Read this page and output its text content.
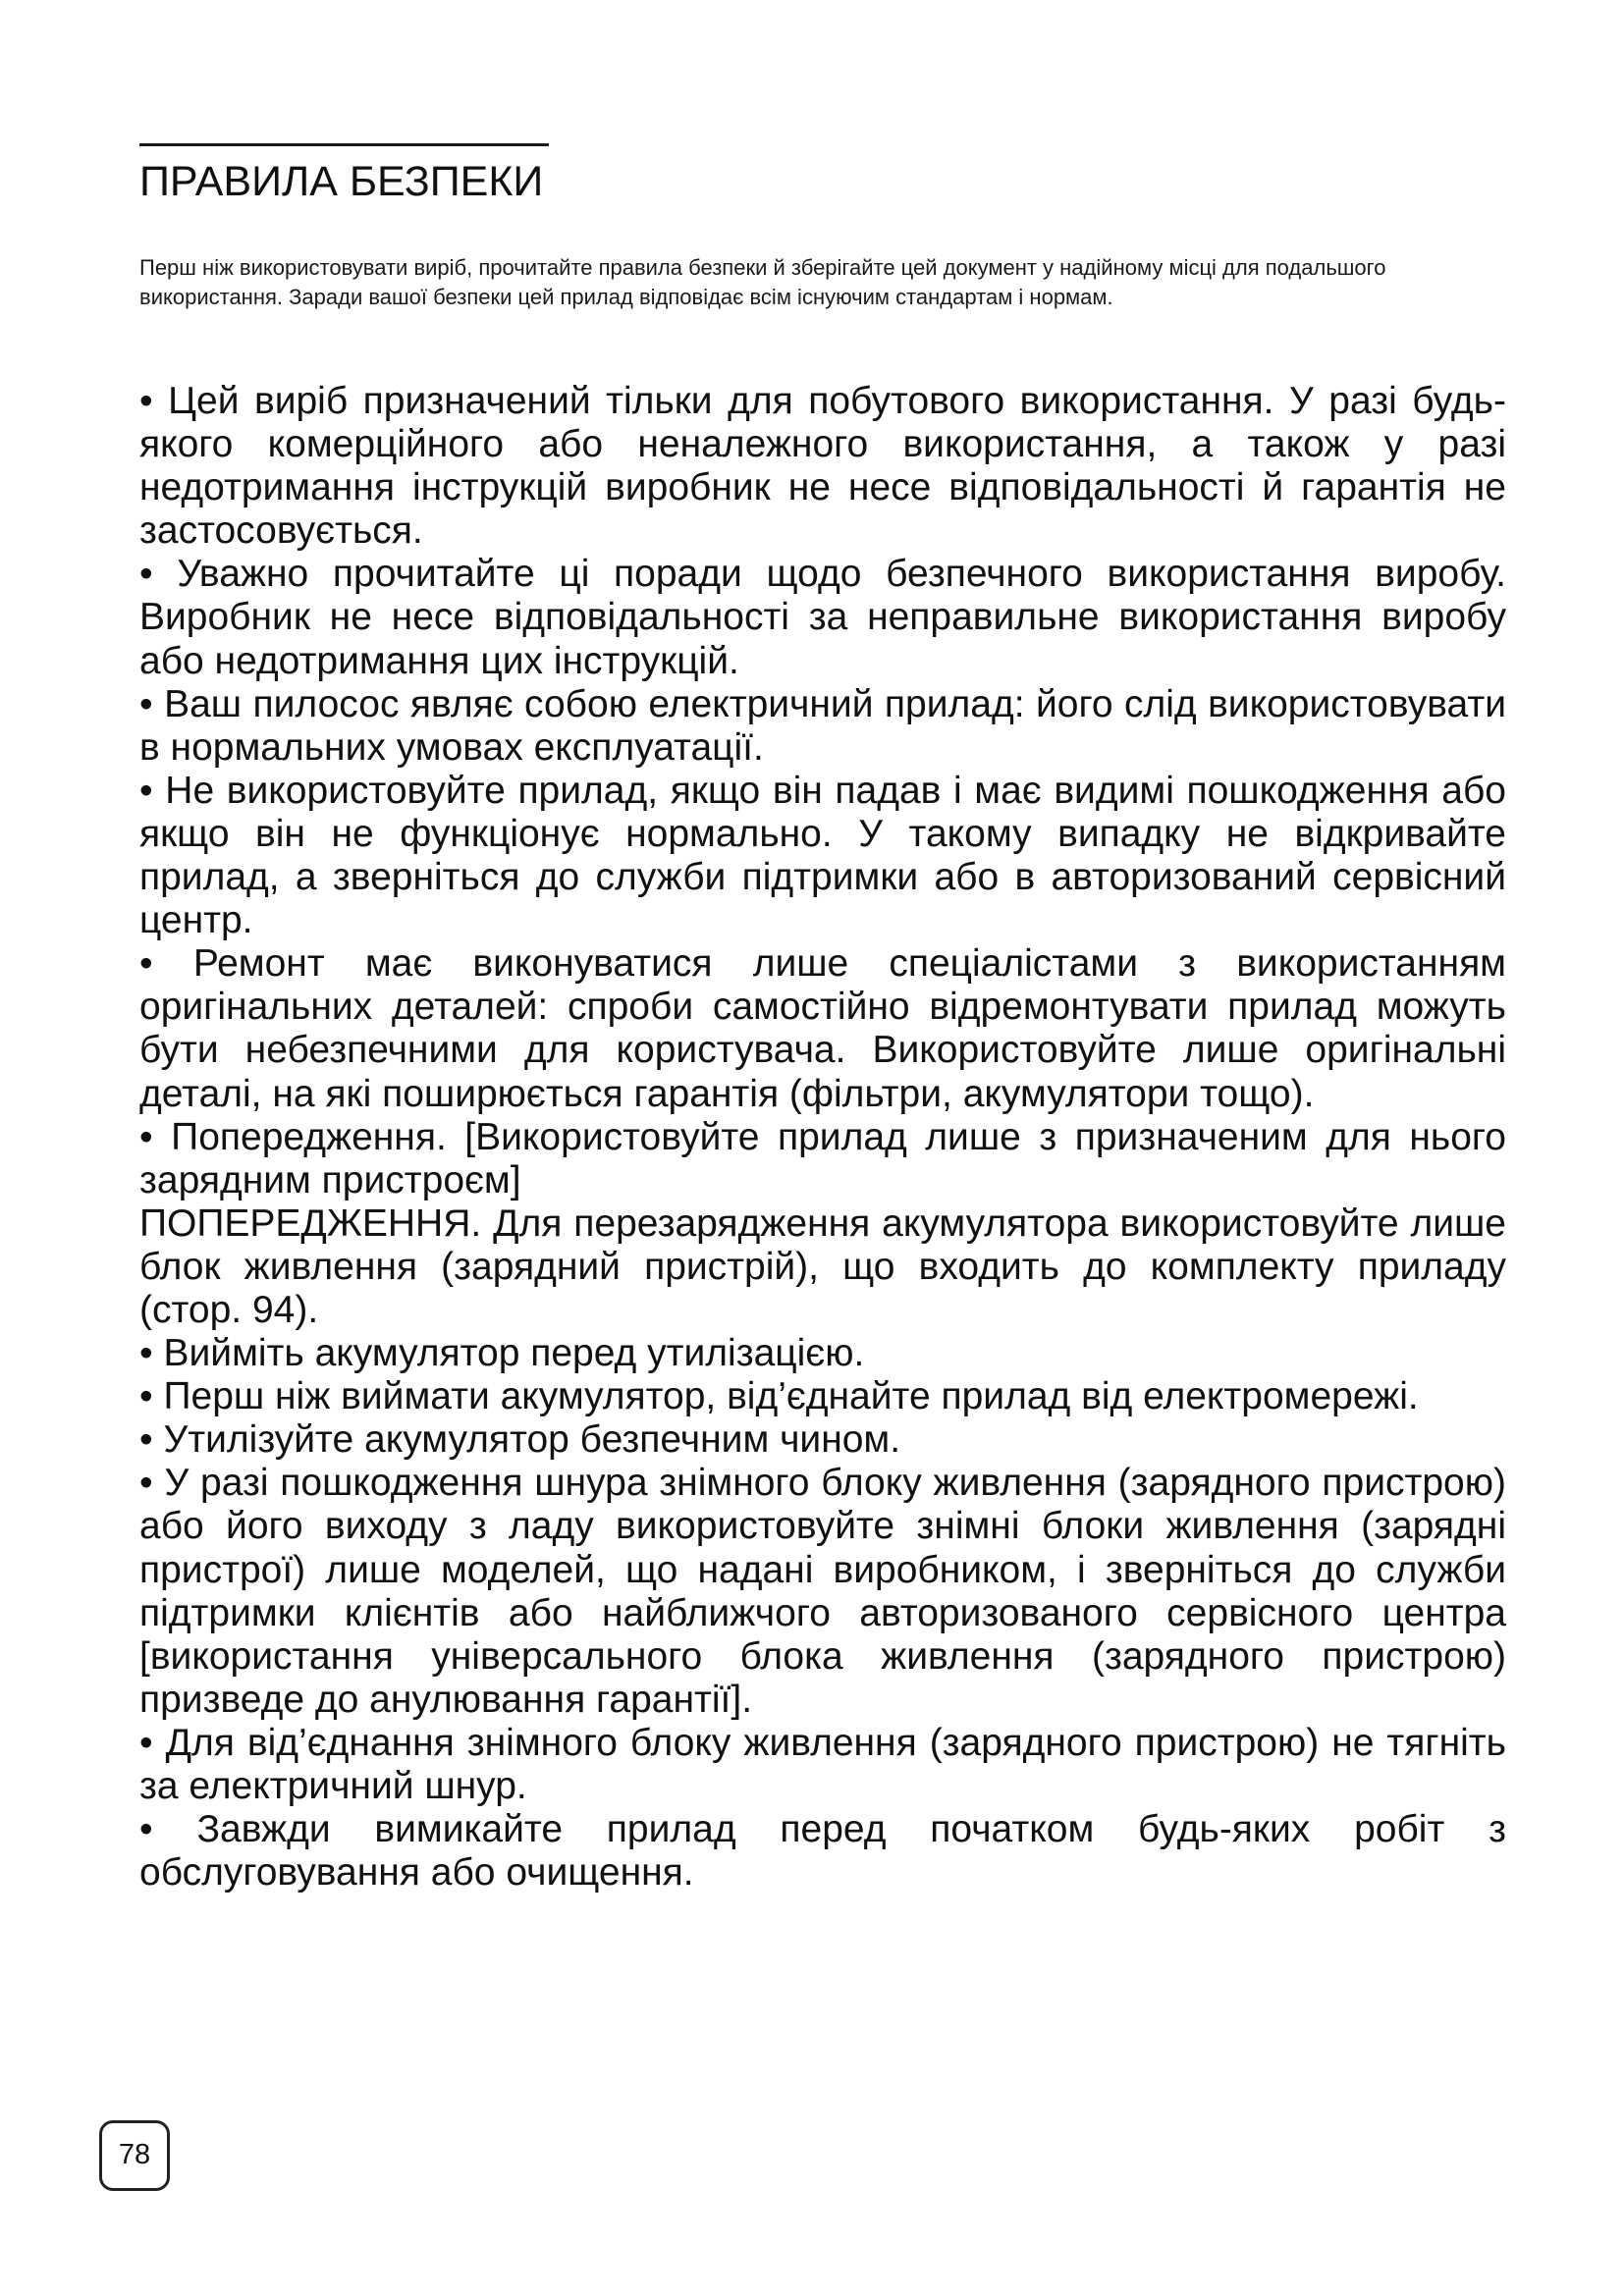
ПРАВИЛА БЕЗПЕКИ

Перш ніж використовувати виріб, прочитайте правила безпеки й зберігайте цей документ у надійному місці для подальшого використання. Заради вашої безпеки цей прилад відповідає всім існуючим стандартам і нормам.

• Цей виріб призначений тільки для побутового використання. У разі будь-якого комерційного або неналежного використання, а також у разі недотримання інструкцій виробник не несе відповідальності й гарантія не застосовується.

• Уважно прочитайте ці поради щодо безпечного використання виробу. Виробник не несе відповідальності за неправильне використання виробу або недотримання цих інструкцій.

• Ваш пилосос являє собою електричний прилад: його слід використовувати в нормальних умовах експлуатації.

• Не використовуйте прилад, якщо він падав і має видимі пошкодження або якщо він не функціонує нормально. У такому випадку не відкривайте прилад, а зверніться до служби підтримки або в авторизований сервісний центр.

• Ремонт має виконуватися лише спеціалістами з використанням оригінальних деталей: спроби самостійно відремонтувати прилад можуть бути небезпечними для користувача. Використовуйте лише оригінальні деталі, на які поширюється гарантія (фільтри, акумулятори тощо).

• Попередження. [Використовуйте прилад лише з призначеним для нього зарядним пристроєм]

ПОПЕРЕДЖЕННЯ. Для перезарядження акумулятора використовуйте лише блок живлення (зарядний пристрій), що входить до комплекту приладу (стор. 94).

• Вийміть акумулятор перед утилізацією.

• Перш ніж виймати акумулятор, від’єднайте прилад від електромережі.

• Утилізуйте акумулятор безпечним чином.

• У разі пошкодження шнура знімного блоку живлення (зарядного пристрою) або його виходу з ладу використовуйте знімні блоки живлення (зарядні пристрої) лише моделей, що надані виробником, і зверніться до служби підтримки клієнтів або найближчого авторизованого сервісного центра [використання універсального блока живлення (зарядного пристрою) призведе до анулювання гарантії].

• Для від’єднання знімного блоку живлення (зарядного пристрою) не тягніть за електричний шнур.

• Завжди вимикайте прилад перед початком будь-яких робіт з обслуговування або очищення.

78
